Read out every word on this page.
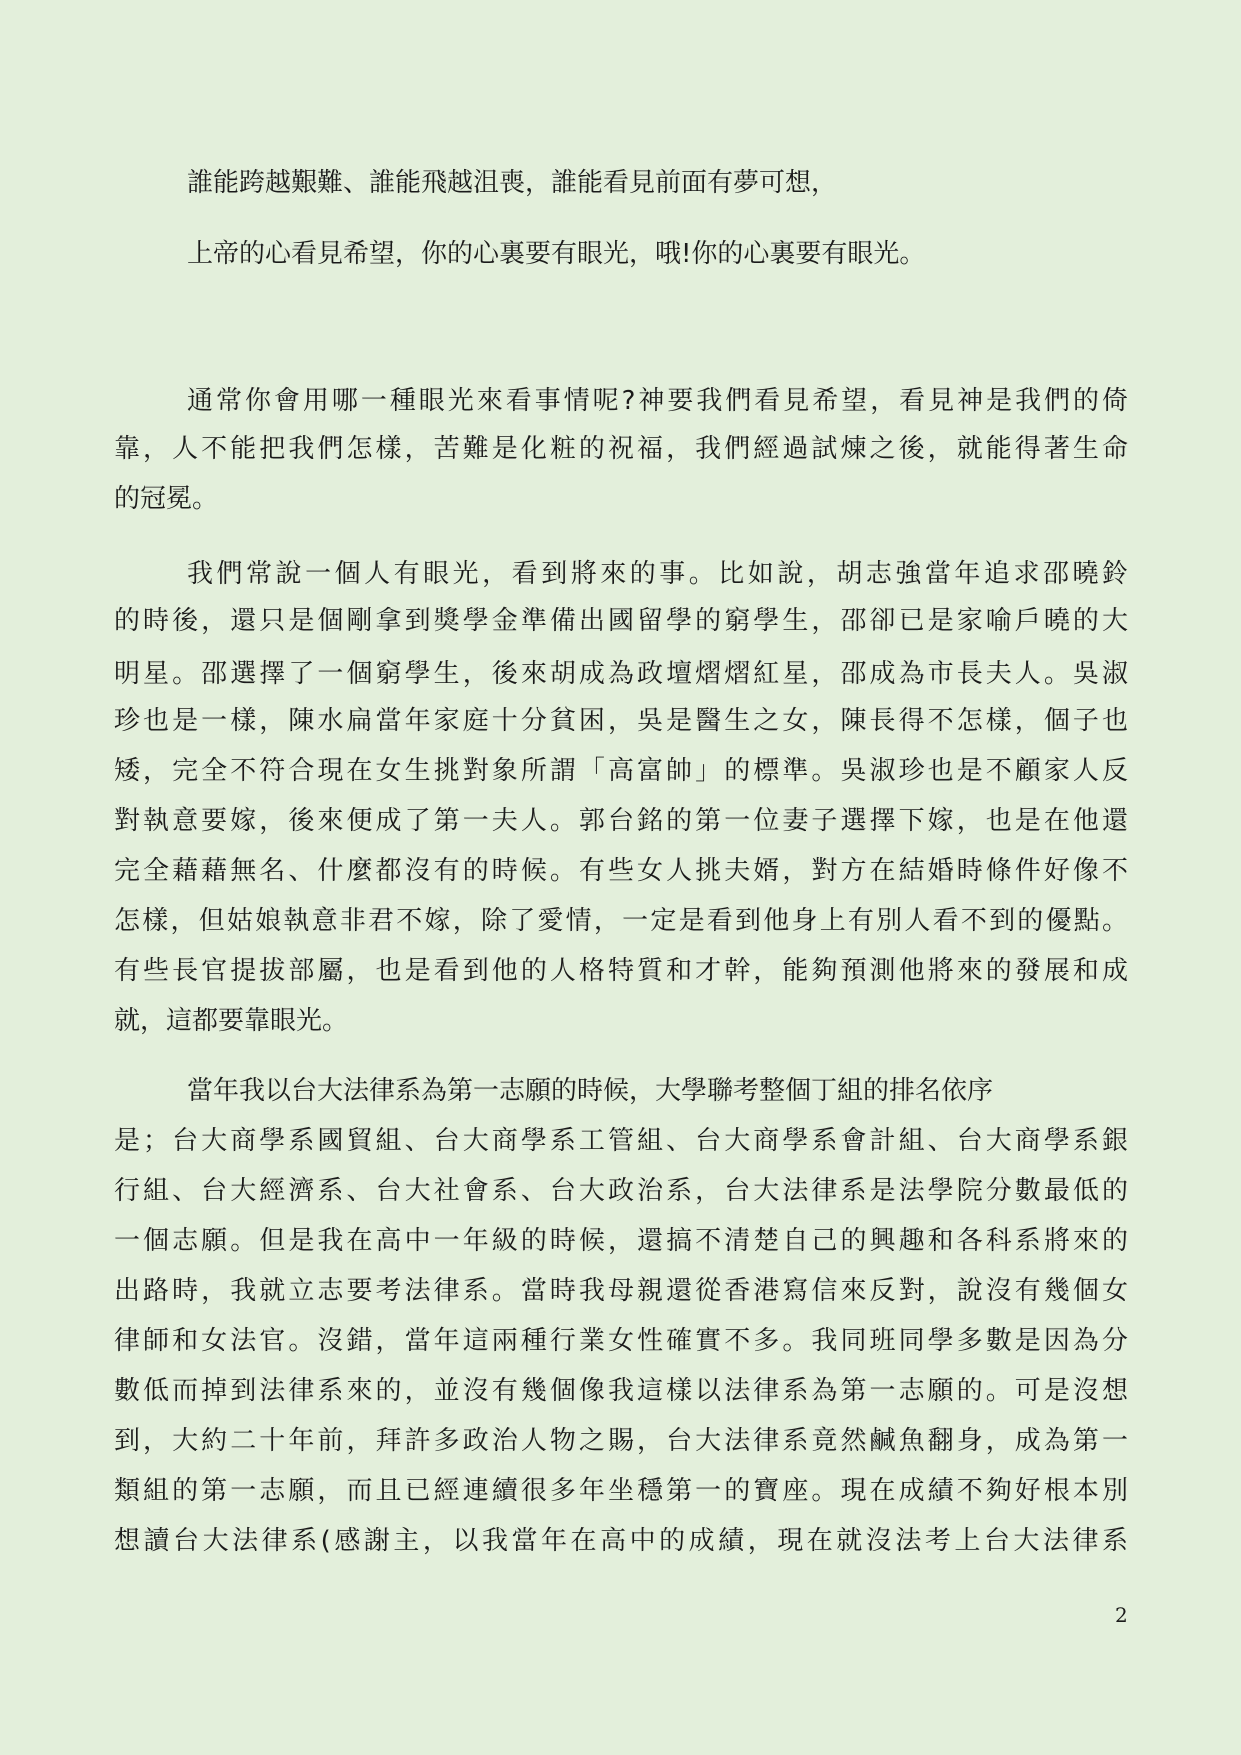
誰能跨越艱難、誰能飛越沮喪，誰能看見前面有夢可想，
上帝的心看見希望，你的心裏要有眼光，哦!你的心裏要有眼光。
通常你會用哪一種眼光來看事情呢?神要我們看見希望，看見神是我們的倚
靠，人不能把我們怎樣，苦難是化粧的祝福，我們經過試煉之後，就能得著生命
的冠冕。
我們常說一個人有眼光，看到將來的事。比如說，胡志強當年追求邵曉鈴
的時後，還只是個剛拿到獎學金準備出國留學的窮學生，邵卻已是家喻戶曉的大
明星。邵選擇了一個窮學生，後來胡成為政壇熠熠紅星，邵成為市長夫人。吳淑
珍也是一樣，陳水扁當年家庭十分貧困，吳是醫生之女，陳長得不怎樣，個子也
矮，完全不符合現在女生挑對象所謂「高富帥」的標準。吳淑珍也是不顧家人反
對執意要嫁，後來便成了第一夫人。郭台銘的第一位妻子選擇下嫁，也是在他還
完全藉藉無名、什麼都沒有的時候。有些女人挑夫婿，對方在結婚時條件好像不
怎樣，但姑娘執意非君不嫁，除了愛情，一定是看到他身上有別人看不到的優點。
有些長官提拔部屬，也是看到他的人格特質和才幹，能夠預測他將來的發展和成
就，這都要靠眼光。
當年我以台大法律系為第一志願的時候，大學聯考整個丁組的排名依序
是；台大商學系國貿組、台大商學系工管組、台大商學系會計組、台大商學系銀
行組、台大經濟系、台大社會系、台大政治系，台大法律系是法學院分數最低的
一個志願。但是我在高中一年級的時候，還搞不清楚自己的興趣和各科系將來的
出路時，我就立志要考法律系。當時我母親還從香港寫信來反對，說沒有幾個女
律師和女法官。沒錯，當年這兩種行業女性確實不多。我同班同學多數是因為分
數低而掉到法律系來的，並沒有幾個像我這樣以法律系為第一志願的。可是沒想
到，大約二十年前，拜許多政治人物之賜，台大法律系竟然鹹魚翻身，成為第一
類組的第一志願，而且已經連續很多年坐穩第一的寶座。現在成績不夠好根本別
想讀台大法律系(感謝主，以我當年在高中的成績，現在就沒法考上台大法律系
2
